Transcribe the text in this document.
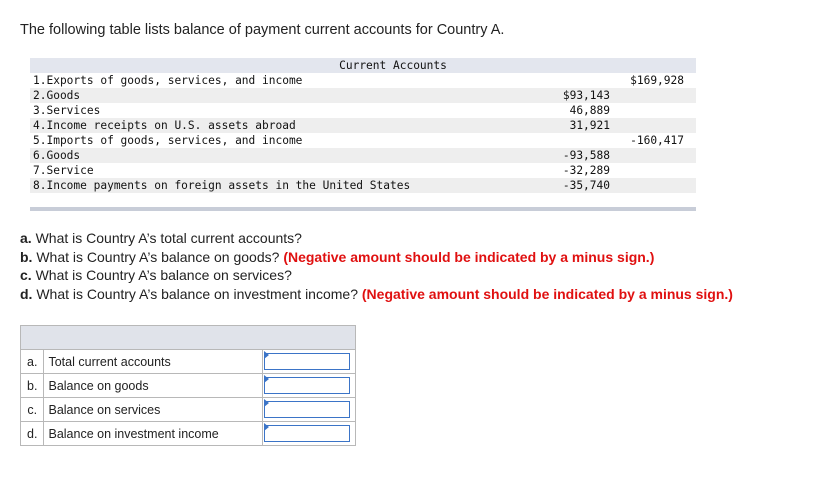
The following table lists balance of payment current accounts for Country A.
Current Accounts
1.Exports of goods, services, and income	$169,928
2.Goods	$93,143
3.Services	46,889
4.Income receipts on U.S. assets abroad	31,921
5.Imports of goods, services, and income	-160,417
6.Goods	-93,588
7.Service	-32,289
8.Income payments on foreign assets in the United States	-35,740
a. What is Country A’s total current accounts?
b. What is Country A’s balance on goods? (Negative amount should be indicated by a minus sign.)
c. What is Country A’s balance on services?
d. What is Country A’s balance on investment income? (Negative amount should be indicated by a minus sign.)

a.	Total current accounts	

b.	Balance on goods	

c.	Balance on services	

d.	Balance on investment income	
